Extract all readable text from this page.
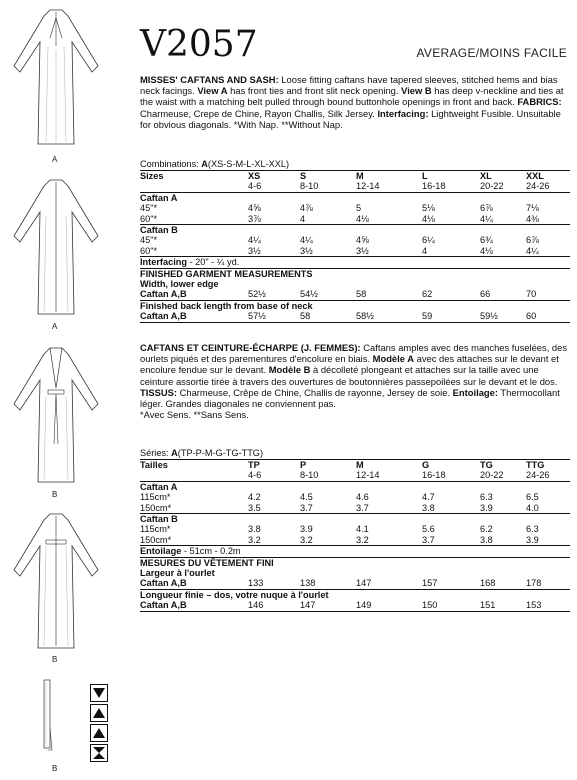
A
A
B
B
B
V2057	AVERAGE/MOINS FACILE
MISSES' CAFTANS AND SASH: Loose fitting caftans have tapered sleeves, stitched hems and bias neck facings. View A has front ties and front slit neck opening. View B has deep v-neckline and ties at the waist with a matching belt pulled through bound buttonhole openings in front and back. FABRICS: Charmeuse, Crepe de Chine, Rayon Challis, Silk Jersey. Interfacing: Lightweight Fusible. Unsuitable for obvious diagonals. *With Nap. **Without Nap.
Combinations: A(XS-S-M-L-XL-XXL)
Sizes	XS	S	M	L	XL	XXL
	4-6	8-10	12-14	16-18	20-22	24-26
Caftan A						
45"*	4⅝	4⅞	5	5⅛	6⅞	7⅛
60"*	3⅞	4	4⅛	4⅛	4¼	4⅜
Caftan B						
45"*	4¼	4¼	4⅝	6¼	6¾	6⅞
60"*	3½	3½	3½	4	4⅛	4¼
Interfacing - 20" - ¼ yd.						
FINISHED GARMENT MEASUREMENTS						
Width, lower edge						
Caftan A,B	52½	54½	58	62	66	70
Finished back length from base of neck						
Caftan A,B	57½	58	58½	59	59½	60
CAFTANS ET CEINTURE-ÉCHARPE (J. FEMMES): Caftans amples avec des manches fuselées, des ourlets piqués et des parementures d'encolure en biais. Modèle A avec des attaches sur le devant et encolure fendue sur le devant. Modèle B à décolleté plongeant et attaches sur la taille avec une ceinture assortie tirée à travers des ouvertures de boutonnières passepoilées sur le devant et le dos. TISSUS: Charmeuse, Crêpe de Chine, Challis de rayonne, Jersey de soie. Entoilage: Thermocollant léger. Grandes diagonales ne conviennent pas.
*Avec Sens. **Sans Sens.
Séries: A(TP-P-M-G-TG-TTG)
Tailles	TP	P	M	G	TG	TTG
	4-6	8-10	12-14	16-18	20-22	24-26
Caftan A						
115cm*	4.2	4.5	4.6	4.7	6.3	6.5
150cm*	3.5	3.7	3.7	3.8	3.9	4.0
Caftan B						
115cm*	3.8	3.9	4.1	5.6	6.2	6.3
150cm*	3.2	3.2	3.2	3.7	3.8	3.9
Entoilage - 51cm - 0.2m						
MESURES DU VÊTEMENT FINI						
Largeur à l'ourlet						
Caftan A,B	133	138	147	157	168	178
Longueur finie – dos, votre nuque à l'ourlet						
Caftan A,B	146	147	149	150	151	153
